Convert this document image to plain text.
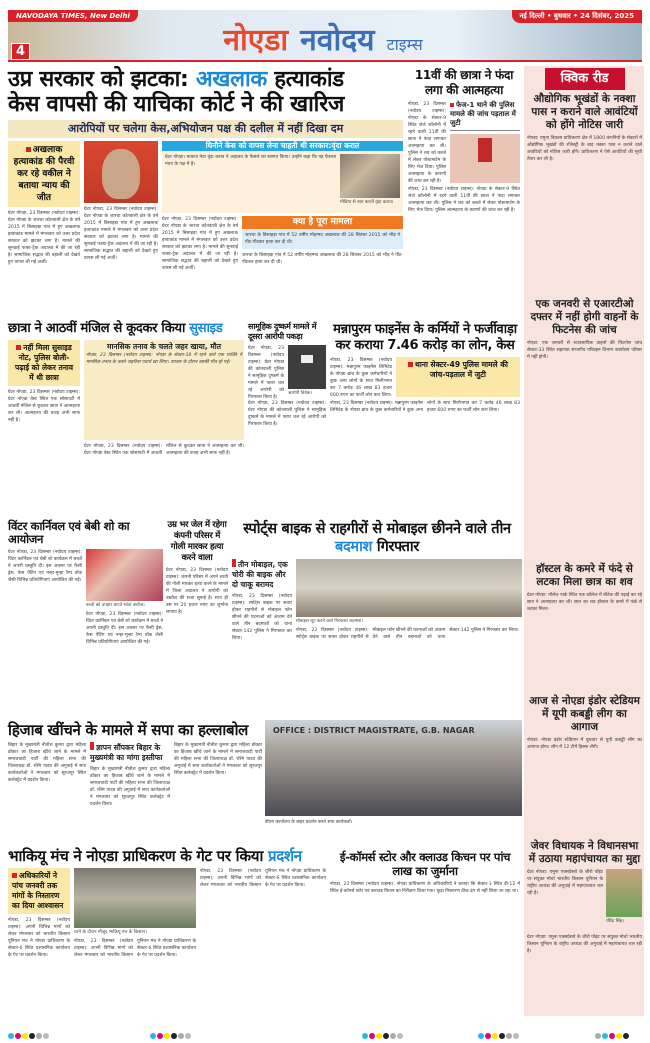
NAVODAYA TIMES, New Delhi	नई दिल्ली • बुधवार • 24 दिसंबर, 2025
4	नोएडा नवोदय टाइम्स
उप्र सरकार को झटका: अखलाक हत्याकांड
केस वापसी की याचिका कोर्ट ने की खारिज
आरोपियों पर चलेगा केस,अभियोजन पक्ष की दलील में नहीं दिखा दम
अखलाक हत्याकांड की पैरवी कर रहे वकील ने बताया न्याय की जीत
ग्रेटर नोएडा, 23 दिसम्बर (नवोदय टाइम्स): ग्रेटर नोएडा के जारचा कोतवाली क्षेत्र के वर्ष 2015 में बिसाहड़ा गांव में हुए अखलाक हत्याकांड मामले में मंगलवार को उत्तर प्रदेश सरकार को झटका लगा है। मामले की सुनवाई फास्ट-ट्रैक अदालत में की जा रही है। सामाजिक सद्भाव की बहाली को देखते हुए वापस ली गई अर्जी।
ग्रेटर नोएडा, 23 दिसम्बर (नवोदय टाइम्स): ग्रेटर नोएडा के जारचा कोतवाली क्षेत्र के वर्ष 2015 में बिसाहड़ा गांव में हुए अखलाक हत्याकांड मामले में मंगलवार को उत्तर प्रदेश सरकार को झटका लगा है। मामले की सुनवाई फास्ट-ट्रैक अदालत में की जा रही है। सामाजिक सद्भाव की बहाली को देखते हुए वापस ली गई अर्जी।
घिनौने केस को वापस लेना चाहती थी सरकार:वृंदा करात
ग्रेटर नोएडा। माकपा नेता वृंदा करात ने अदालत के फैसले का स्वागत किया। उन्होंने कहा कि यह फैसला न्याय के पक्ष में है।
मीडिया से बात करतीं वृंदा करात।
ग्रेटर नोएडा, 23 दिसम्बर (नवोदय टाइम्स): ग्रेटर नोएडा के जारचा कोतवाली क्षेत्र के वर्ष 2015 में बिसाहड़ा गांव में हुए अखलाक हत्याकांड मामले में मंगलवार को उत्तर प्रदेश सरकार को झटका लगा है। मामले की सुनवाई फास्ट-ट्रैक अदालत में की जा रही है। सामाजिक सद्भाव की बहाली को देखते हुए वापस ली गई अर्जी।
क्या है पूरा मामला
जारचा के बिसाहड़ा गांव में 52 वर्षीय मोहम्मद अखलाक की 28 सितंबर 2015 को भीड़ ने पीट-पीटकर हत्या कर दी थी।
जारचा के बिसाहड़ा गांव में 52 वर्षीय मोहम्मद अखलाक की 28 सितंबर 2015 को भीड़ ने पीट-पीटकर हत्या कर दी थी।
11वीं की छात्रा ने फंदा लगा की आत्महत्या
नोएडा, 23 दिसम्बर (नवोदय टाइम्स): नोएडा के सेक्टर-9 स्थित जेजे कॉलोनी में रहने वाली 11वीं की छात्रा ने फंदा लगाकर आत्महत्या कर ली। पुलिस ने शव को कब्जे में लेकर पोस्टमार्टम के लिए भेज दिया। पुलिस आत्महत्या के कारणों की जांच कर रही है।
फेज-1 थाने की पुलिस मामले की जांच पड़ताल में जुटी
नोएडा, 23 दिसम्बर (नवोदय टाइम्स): नोएडा के सेक्टर-9 स्थित जेजे कॉलोनी में रहने वाली 11वीं की छात्रा ने फंदा लगाकर आत्महत्या कर ली। पुलिस ने शव को कब्जे में लेकर पोस्टमार्टम के लिए भेज दिया। पुलिस आत्महत्या के कारणों की जांच कर रही है।
छात्रा ने आठवीं मंजिल से कूदकर किया सुसाइड
नहीं मिला सुसाइड नोट, पुलिस बोली-पढ़ाई को लेकर तनाव में थी छात्रा
ग्रेटर नोएडा, 23 दिसम्बर (नवोदय टाइम्स): ग्रेटर नोएडा वेस्ट स्थित एक सोसायटी में आठवीं मंजिल से कूदकर छात्रा ने आत्महत्या कर ली। आत्महत्या की वजह अभी साफ नहीं है।
मानसिक तनाव के चलते जहर खाया, मौत
नोएडा, 23 दिसम्बर (नवोदय टाइम्स): नोएडा के सेक्टर-38 में रहने वाले एक व्यक्ति ने मानसिक तनाव के चलते जहरीला पदार्थ खा लिया। उपचार के दौरान उसकी मौत हो गई।
ग्रेटर नोएडा, 23 दिसम्बर (नवोदय टाइम्स): ग्रेटर नोएडा वेस्ट स्थित एक सोसायटी में आठवीं मंजिल से कूदकर छात्रा ने आत्महत्या कर ली। आत्महत्या की वजह अभी साफ नहीं है।
सामूहिक दुष्कर्म मामले में दूसरा आरोपी पकड़ा
ग्रेटर नोएडा, 23 दिसम्बर (नवोदय टाइम्स): ग्रेटर नोएडा की कोतवाली पुलिस ने सामूहिक दुष्कर्म के मामले में फरार चल रहे आरोपी को गिरफ्तार किया है।
आरोपी विवेक।
ग्रेटर नोएडा, 23 दिसम्बर (नवोदय टाइम्स): ग्रेटर नोएडा की कोतवाली पुलिस ने सामूहिक दुष्कर्म के मामले में फरार चल रहे आरोपी को गिरफ्तार किया है।
मन्नापुरम फाइनेंस के कर्मियों ने फर्जीवाड़ा कर कराया 7.46 करोड़ का लोन, केस
नोएडा, 23 दिसम्बर (नवोदय टाइम्स): मन्नापुरम फाइनेंस लिमिटेड के नोएडा ब्रांच के कुछ कर्मचारियों ने कुछ अन्य लोगों के साथ मिलीभगत कर 7 करोड़ 46 लाख 83 हजार 600 रुपए का फर्जी लोन करा लिया।
थाना सेक्टर-49 पुलिस मामले की जांच-पड़ताल में जुटी
नोएडा, 23 दिसम्बर (नवोदय टाइम्स): मन्नापुरम फाइनेंस लिमिटेड के नोएडा ब्रांच के कुछ कर्मचारियों ने कुछ अन्य लोगों के साथ मिलीभगत कर 7 करोड़ 46 लाख 83 हजार 600 रुपए का फर्जी लोन करा लिया।
विंटर कार्निवल एवं बेबी शो का आयोजन
ग्रेटर नोएडा, 23 दिसम्बर (नवोदय टाइम्स): विंटर कार्निवल एवं बेबी शो कार्यक्रम में बच्चों ने अपनी प्रस्तुति दी। इस अवसर पर फैंसी ड्रेस, फेस पेंटिंग एवं नन्हा-मुन्हा रैम्प वॉक जैसी विभिन्न प्रतियोगिताएं आयोजित की गईं।
बच्चों को उपहार बांटते सांता क्लॉज।
ग्रेटर नोएडा, 23 दिसम्बर (नवोदय टाइम्स): विंटर कार्निवल एवं बेबी शो कार्यक्रम में बच्चों ने अपनी प्रस्तुति दी। इस अवसर पर फैंसी ड्रेस, फेस पेंटिंग एवं नन्हा-मुन्हा रैम्प वॉक जैसी विभिन्न प्रतियोगिताएं आयोजित की गईं।
उम्र भर जेल में रहेगा कंपनी परिसर में गोली मारकर हत्या करने वाला
ग्रेटर नोएडा, 23 दिसम्बर (नवोदय टाइम्स): कंपनी परिसर में अपने साथी की गोली मारकर हत्या करने के मामले में जिला अदालत ने आरोपी को उम्रकैद की सजा सुनाई है। साथ ही उस पर 20 हजार रुपए का जुर्माना लगाया है।
स्पोर्ट्स बाइक से राहगीरों से मोबाइल छीनने वाले तीन बदमाश गिरफ्तार
तीन मोबाइल, एक चोरी की बाइक और दो चाकू बरामद
नोएडा, 23 दिसम्बर (नवोदय टाइम्स): स्पोर्ट्स बाइक पर सवार होकर राहगीरों से मोबाइल फोन छीनने की घटनाओं को अंजाम देने वाले तीन बदमाशों को थाना सेक्टर-142 पुलिस ने गिरफ्तार कर लिया।
मोबाइल लूट करने वाले गिरफ्तार बदमाश।
नोएडा, 23 दिसम्बर (नवोदय टाइम्स): स्पोर्ट्स बाइक पर सवार होकर राहगीरों से मोबाइल फोन छीनने की घटनाओं को अंजाम देने वाले तीन बदमाशों को थाना सेक्टर-142 पुलिस ने गिरफ्तार कर लिया।
हिजाब खींचने के मामले में सपा का हल्लाबोल
बिहार के मुख्यमंत्री नीतीश कुमार द्वारा महिला डॉक्टर का हिजाब खींचे जाने के मामले में समाजवादी पार्टी की महिला सभा की जिलाध्यक्ष डॉ. रश्मि यादव की अगुवाई में सपा कार्यकर्ताओं ने मंगलवार को सूरजपुर स्थित कलेक्ट्रेट में प्रदर्शन किया।
ज्ञापन सौंपकर बिहार के मुख्यमंत्री का मांगा इस्तीफा
बिहार के मुख्यमंत्री नीतीश कुमार द्वारा महिला डॉक्टर का हिजाब खींचे जाने के मामले में समाजवादी पार्टी की महिला सभा की जिलाध्यक्ष डॉ. रश्मि यादव की अगुवाई में सपा कार्यकर्ताओं ने मंगलवार को सूरजपुर स्थित कलेक्ट्रेट में प्रदर्शन किया।
बिहार के मुख्यमंत्री नीतीश कुमार द्वारा महिला डॉक्टर का हिजाब खींचे जाने के मामले में समाजवादी पार्टी की महिला सभा की जिलाध्यक्ष डॉ. रश्मि यादव की अगुवाई में सपा कार्यकर्ताओं ने मंगलवार को सूरजपुर स्थित कलेक्ट्रेट में प्रदर्शन किया।
OFFICE : DISTRICT MAGISTRATE, G.B. NAGAR
डीएम कार्यालय के बाहर प्रदर्शन करते सपा कार्यकर्ता।
भाकियू मंच ने नोएडा प्राधिकरण के गेट पर किया प्रदर्शन
अधिकारियों ने पांच जनवरी तक मांगों के निस्तारण का दिया आश्वासन
नोएडा, 23 दिसम्बर (नवोदय टाइम्स): अपनी विभिन्न मांगों को लेकर मंगलवार को भारतीय किसान यूनियन मंच ने नोएडा प्राधिकरण के सेक्टर-6 स्थित प्रशासनिक कार्यालय के गेट पर प्रदर्शन किया।
धरने के दौरान मौजूद भाकियू मंच के किसान।
नोएडा, 23 दिसम्बर (नवोदय टाइम्स): अपनी विभिन्न मांगों को लेकर मंगलवार को भारतीय किसान यूनियन मंच ने नोएडा प्राधिकरण के सेक्टर-6 स्थित प्रशासनिक कार्यालय के गेट पर प्रदर्शन किया।
नोएडा, 23 दिसम्बर (नवोदय टाइम्स): अपनी विभिन्न मांगों को लेकर मंगलवार को भारतीय किसान यूनियन मंच ने नोएडा प्राधिकरण के सेक्टर-6 स्थित प्रशासनिक कार्यालय के गेट पर प्रदर्शन किया।
ई-कॉमर्स स्टोर और क्लाउड किचन पर पांच लाख का जुर्माना
नोएडा, 23 दिसम्बर (नवोदय टाइम्स): नोएडा प्राधिकरण के अधिकारियों ने बताया कि सेक्टर-3 स्थित डी-12 में स्थित ई-कॉमर्स स्टोर एवं क्लाउड किचन का निरीक्षण किया गया। कूड़ा निस्तारण ठीक ढंग से नहीं किया जा रहा था।
क्विक रीड
औद्योगिक भूखंडों के नक्शा पास न कराने वाले आवंटियों को होंगे नोटिस जारी
नोएडा: यमुना विकास प्राधिकरण क्षेत्र में 1800 कंपनियों के सेक्टरों में औद्योगिक भूखंडों की रजिस्ट्री के बाद नक्शा पास न कराने वाले आवंटियों को नोटिस जारी होंगे। प्राधिकरण ने ऐसे आवंटियों की सूची तैयार कर ली है।
एक जनवरी से एआरटीओ दफ्तर में नहीं होगी वाहनों के फिटनेस की जांच
नोएडा: एक जनवरी से व्यावसायिक वाहनों की फिटनेस जांच सेक्टर-33 स्थित सहायक संभागीय परिवहन विभाग कार्यालय परिसर में नहीं होगी।
हॉस्टल के कमरे में फंदे से लटका मिला छात्र का शव
ग्रेटर नोएडा: नॉलेज पार्क स्थित एक कॉलेज में बीटेक की पढ़ाई कर रहे छात्र ने आत्महत्या कर ली। छात्र का शव हॉस्टल के कमरे में पंखे से लटका मिला।
आज से नोएडा इंडोर स्टेडियम में यूपी कबड्डी लीग का आगाज
नोएडा: नोएडा इंडोर स्टेडियम में बुधवार से यूपी कबड्डी लीग का आगाज होगा। लीग में 12 टीमें हिस्सा लेंगी।
जेवर विधायक ने विधानसभा में उठाया महापंचायत का मुद्दा
ग्रेटर नोएडा: यमुना एक्सप्रेसवे के जीरो पॉइंट पर संयुक्त मोर्चा भारतीय किसान यूनियन के राष्ट्रीय अध्यक्ष की अगुवाई में महापंचायत चल रही है।
धीरेंद्र सिंह।
ग्रेटर नोएडा: यमुना एक्सप्रेसवे के जीरो पॉइंट पर संयुक्त मोर्चा भारतीय किसान यूनियन के राष्ट्रीय अध्यक्ष की अगुवाई में महापंचायत चल रही है।
